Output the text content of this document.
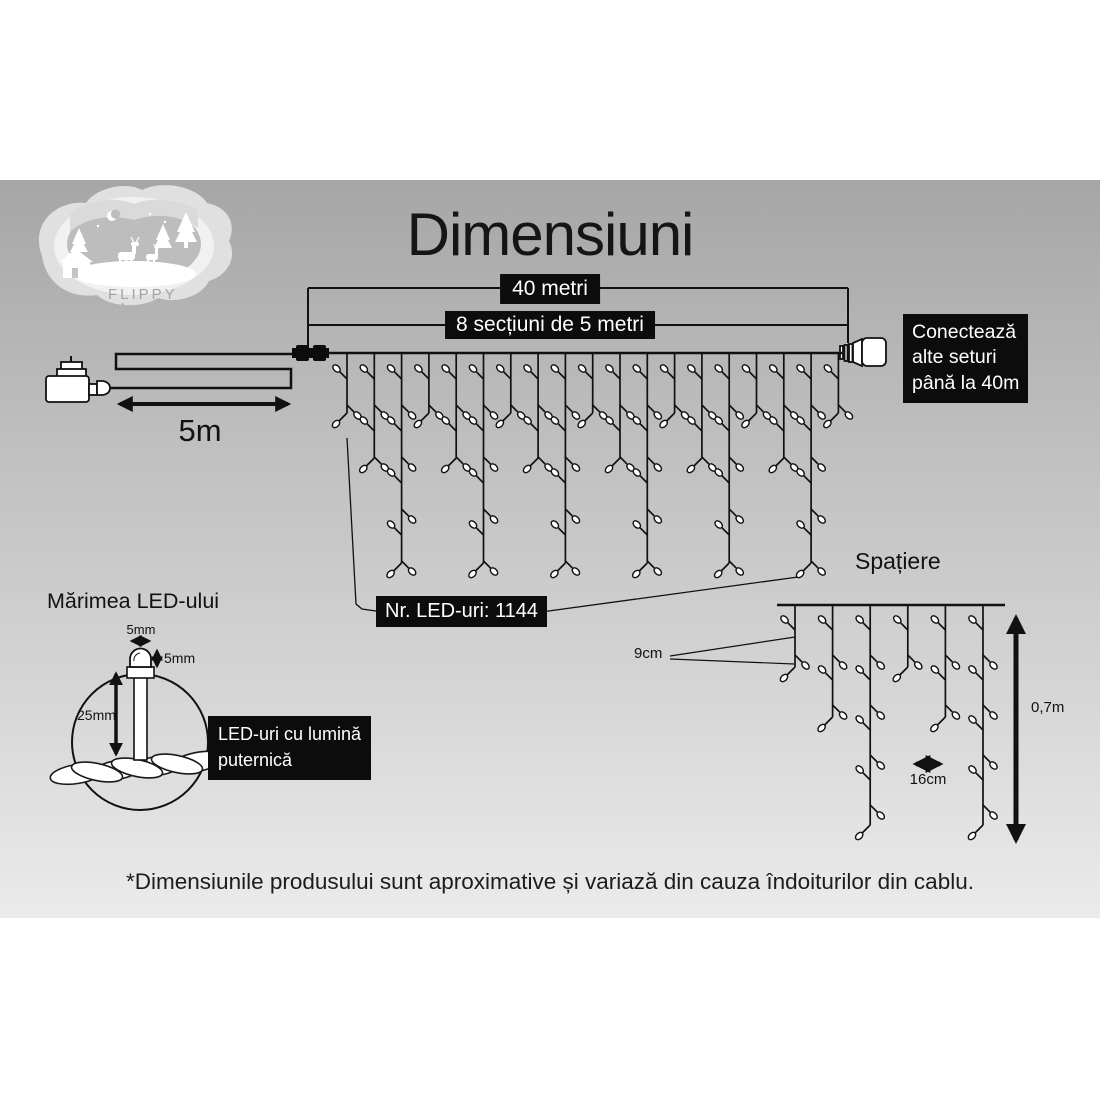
Dimensiuni
40 metri
8 secțiuni de 5 metri	Conectează
alte seturi
până la 40m
5m
Nr. LED-uri: 1144
Mărimea LED-ului
5mm
5mm
25mm
LED-uri cu lumină
puternică
Spațiere
9cm
16cm
0,7m
*Dimensiunile produsului sunt aproximative și variază din cauza îndoiturilor din cablu.
FLIPPY
christmas
